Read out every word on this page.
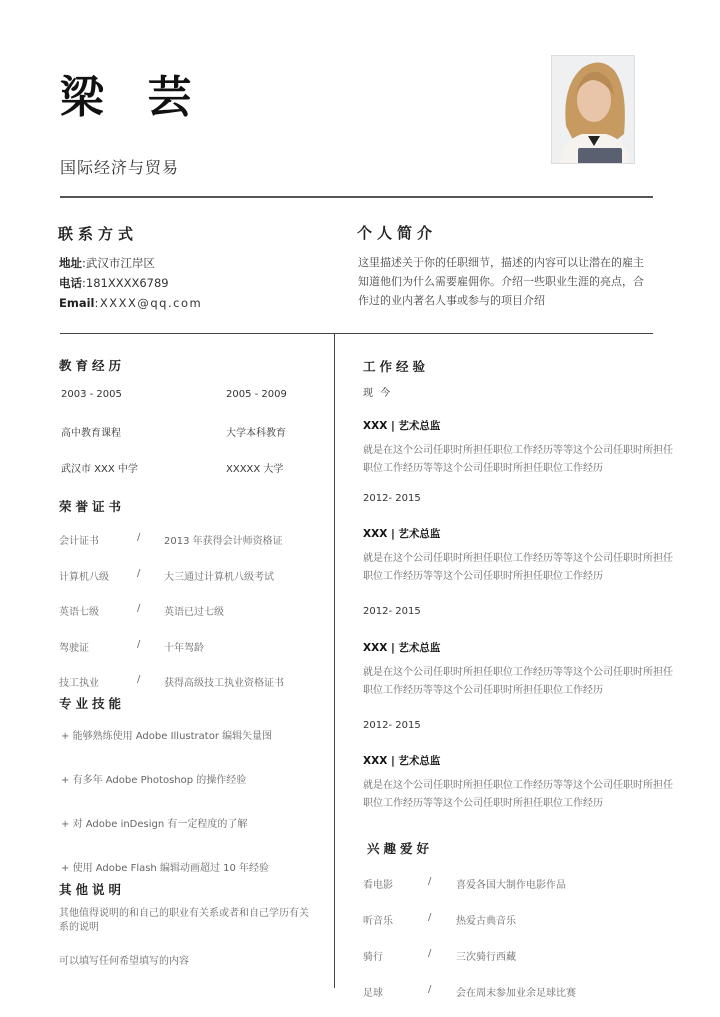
梁 芸
国际经济与贸易
联系方式
地址:武汉市江岸区
电话:181XXXX6789
Email:XXXX@qq.com
个人简介
这里描述关于你的任职细节，描述的内容可以让潜在的雇主知道他们为什么需要雇佣你。介绍一些职业生涯的亮点，合作过的业内著名人事或参与的项目介绍
教育经历
2003 - 2005	2005 - 2009
高中教育课程	大学本科教育
武汉市 XXX 中学	XXXXX 大学
荣誉证书
会计证书	/	2013 年获得会计师资格证
计算机八级	/	大三通过计算机八级考试
英语七级	/	英语已过七级
驾驶证	/	十年驾龄
技工执业	/	获得高级技工执业资格证书
专业技能
+ 能够熟练使用 Adobe Illustrator 编辑矢量图
+ 有多年 Adobe Photoshop 的操作经验
+ 对 Adobe inDesign 有一定程度的了解
+ 使用 Adobe Flash 编辑动画超过 10 年经验
其他说明
其他值得说明的和自己的职业有关系或者和自己学历有关系的说明
可以填写任何希望填写的内容
工作经验
现 今
XXX | 艺术总监
就是在这个公司任职时所担任职位工作经历等等这个公司任职时所担任职位工作经历等等这个公司任职时所担任职位工作经历
2012- 2015
XXX | 艺术总监
就是在这个公司任职时所担任职位工作经历等等这个公司任职时所担任职位工作经历等等这个公司任职时所担任职位工作经历
2012- 2015
XXX | 艺术总监
就是在这个公司任职时所担任职位工作经历等等这个公司任职时所担任职位工作经历等等这个公司任职时所担任职位工作经历
2012- 2015
XXX | 艺术总监
就是在这个公司任职时所担任职位工作经历等等这个公司任职时所担任职位工作经历等等这个公司任职时所担任职位工作经历
兴趣爱好
看电影	/	喜爱各国大制作电影作品
听音乐	/	热爱古典音乐
骑行	/	三次骑行西藏
足球	/	会在周末参加业余足球比赛
